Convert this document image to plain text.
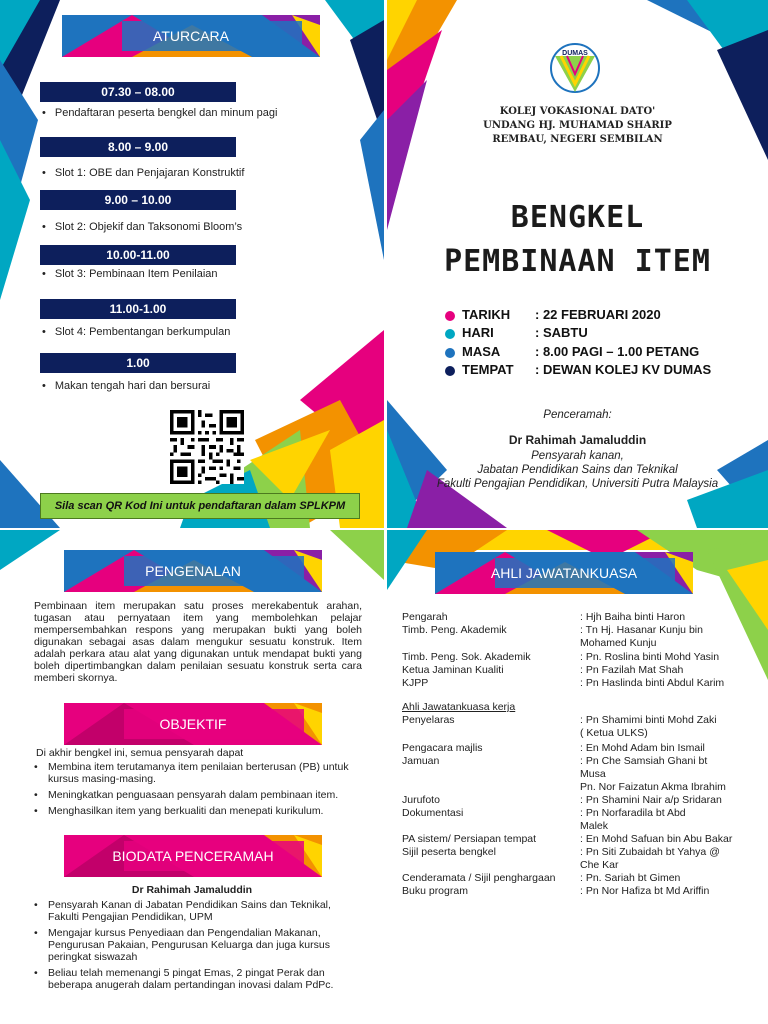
ATURCARA
07.30 – 08.00
• Pendaftaran peserta bengkel dan minum pagi
8.00 – 9.00
• Slot 1: OBE dan Penjajaran Konstruktif
9.00 – 10.00
• Slot 2: Objekif dan Taksonomi Bloom’s
10.00-11.00
• Slot 3: Pembinaan Item Penilaian
11.00-1.00
• Slot 4: Pembentangan berkumpulan
1.00
• Makan tengah hari dan bersurai
Sila scan QR Kod Ini untuk pendaftaran dalam SPLKPM
DUMAS
KOLEJ VOKASIONAL DATO'
UNDANG HJ. MUHAMAD SHARIP
REMBAU, NEGERI SEMBILAN
BENGKEL
PEMBINAAN ITEM
TARIKH : 22 FEBRUARI 2020
HARI	: SABTU
MASA	: 8.00 PAGI – 1.00 PETANG
TEMPAT : DEWAN KOLEJ KV DUMAS
Penceramah:
Dr Rahimah Jamaluddin
Pensyarah kanan,
Jabatan Pendidikan Sains dan Teknikal
Fakulti Pengajian Pendidikan, Universiti Putra Malaysia
PENGENALAN
Pembinaan item merupakan satu proses merekabentuk arahan, tugasan atau pernyataan item yang membolehkan pelajar mempersembahkan respons yang merupakan bukti yang boleh digunakan sebagai asas dalam mengukur sesuatu konstruk. Item adalah perkara atau alat yang digunakan untuk mendapat bukti yang boleh dipertimbangkan dalam penilaian sesuatu konstruk serta cara memberi skornya.
OBJEKTIF
Di akhir bengkel ini, semua pensyarah dapat
• Membina item terutamanya item penilaian berterusan (PB) untuk kursus masing-masing.
• Meningkatkan penguasaan pensyarah dalam pembinaan item.
• Menghasilkan item yang berkualiti dan menepati kurikulum.
BIODATA PENCERAMAH
Dr Rahimah Jamaluddin
• Pensyarah Kanan di Jabatan Pendidikan Sains dan Teknikal, Fakulti Pengajian Pendidikan, UPM
• Mengajar kursus Penyediaan dan Pengendalian Makanan, Pengurusan Pakaian, Pengurusan Keluarga dan juga kursus peringkat siswazah
• Beliau telah memenangi 5 pingat Emas, 2 pingat Perak dan beberapa anugerah dalam pertandingan inovasi dalam PdPc.
AHLI JAWATANKUASA
Pengarah	: Hjh Baiha binti Haron
Timb. Peng. Akademik	: Tn Hj. Hasanar Kunju bin
Mohamed Kunju
Timb. Peng. Sok. Akademik	: Pn. Roslina binti Mohd Yasin
Ketua Jaminan Kualiti	: Pn Fazilah Mat Shah
KJPP	: Pn Haslinda binti Abdul Karim
Ahli Jawatankuasa kerja
Penyelaras	: Pn Shamimi binti Mohd Zaki
( Ketua ULKS)
Pengacara majlis	: En Mohd Adam bin Ismail
Jamuan	: Pn Che Samsiah Ghani bt
Musa
Pn. Nor Faizatun Akma Ibrahim
Jurufoto	: Pn Shamini Nair a/p Sridaran
Dokumentasi	: Pn Norfaradila bt Abd
Malek
PA sistem/ Persiapan tempat	: En Mohd Safuan bin Abu Bakar
Sijil peserta bengkel	: Pn Siti Zubaidah bt Yahya @
Che Kar
Cenderamata / Sijil penghargaan : Pn. Sariah bt Gimen
Buku program	: Pn Nor Hafiza bt Md Ariffin
